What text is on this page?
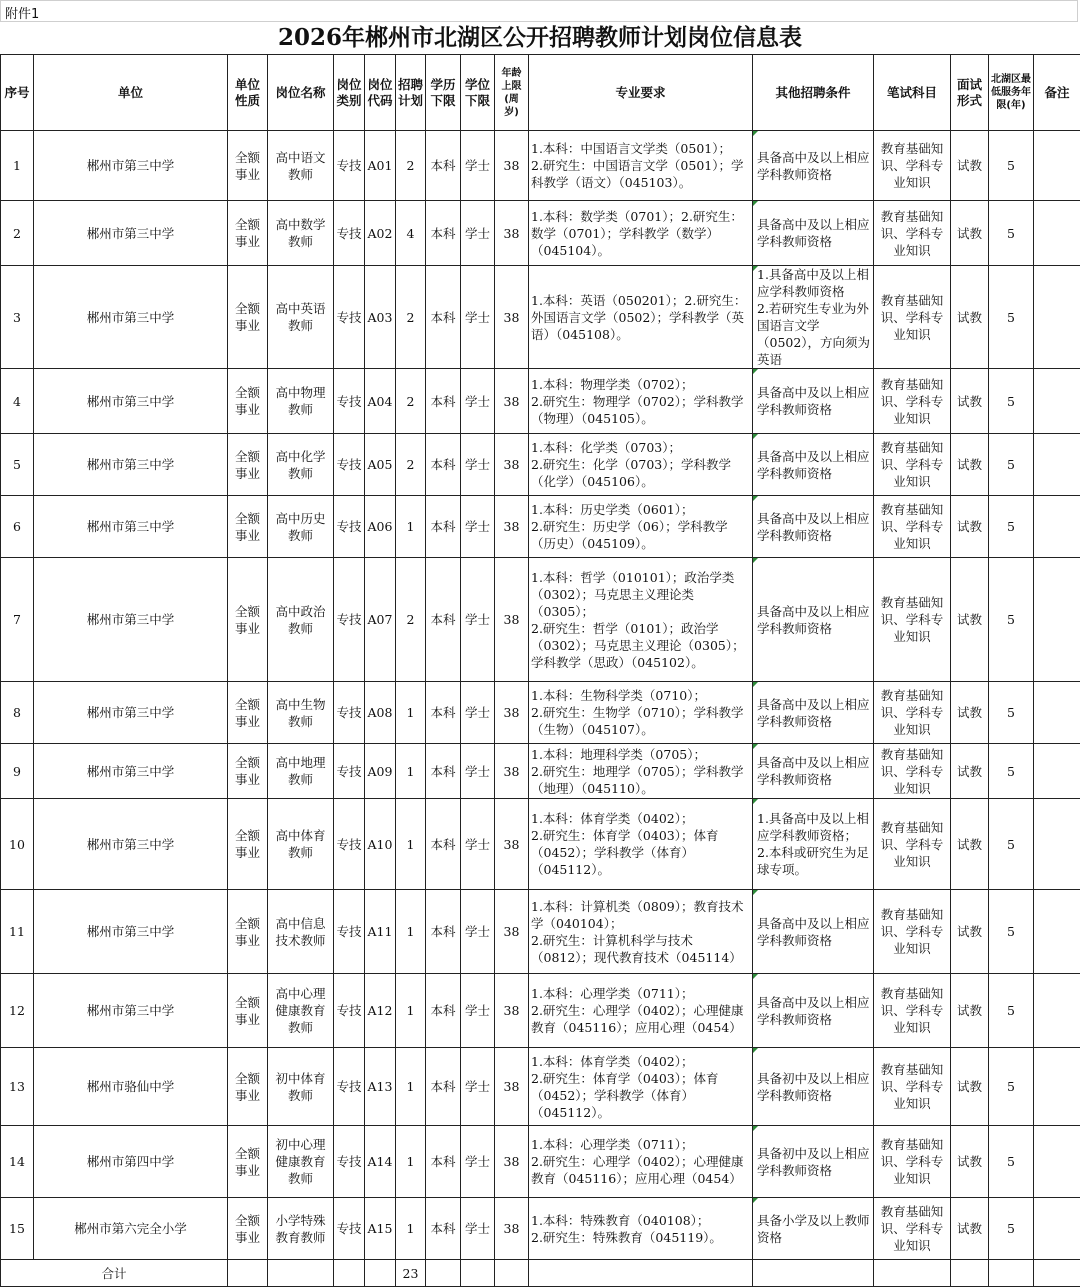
附件1
2026年郴州市北湖区公开招聘教师计划岗位信息表
序号	单位	单位性质	岗位名称	岗位类别	岗位代码	招聘计划	学历下限	学位下限	年龄上限(周岁)	专业要求	其他招聘条件	笔试科目	面试形式	北湖区最低服务年限(年)	备注
1	郴州市第三中学	全额事业	高中语文教师	专技	A01	2	本科	学士	38	1.本科：中国语言文学类（0501）；
2.研究生：中国语言文学（0501）；学科教学（语文）（045103）。	具备高中及以上相应学科教师资格	教育基础知识、学科专业知识	试教	5	
2	郴州市第三中学	全额事业	高中数学教师	专技	A02	4	本科	学士	38	1.本科：数学类（0701）；2.研究生：数学（0701）；学科教学（数学）（045104）。	具备高中及以上相应学科教师资格	教育基础知识、学科专业知识	试教	5	
3	郴州市第三中学	全额事业	高中英语教师	专技	A03	2	本科	学士	38	1.本科：英语（050201）；2.研究生：外国语言文学（0502）；学科教学（英语）（045108）。	1.具备高中及以上相应学科教师资格
2.若研究生专业为外国语言文学（0502），方向须为英语	教育基础知识、学科专业知识	试教	5	
4	郴州市第三中学	全额事业	高中物理教师	专技	A04	2	本科	学士	38	1.本科：物理学类（0702）；
2.研究生：物理学（0702）；学科教学（物理）（045105）。	具备高中及以上相应学科教师资格	教育基础知识、学科专业知识	试教	5	
5	郴州市第三中学	全额事业	高中化学教师	专技	A05	2	本科	学士	38	1.本科：化学类（0703）；
2.研究生：化学（0703）；学科教学（化学）（045106）。	具备高中及以上相应学科教师资格	教育基础知识、学科专业知识	试教	5	
6	郴州市第三中学	全额事业	高中历史教师	专技	A06	1	本科	学士	38	1.本科：历史学类（0601）；
2.研究生：历史学（06）；学科教学（历史）（045109）。	具备高中及以上相应学科教师资格	教育基础知识、学科专业知识	试教	5	
7	郴州市第三中学	全额事业	高中政治教师	专技	A07	2	本科	学士	38	1.本科：哲学（010101）；政治学类（0302）；马克思主义理论类（0305）；
2.研究生：哲学（0101）；政治学（0302）；马克思主义理论（0305）；学科教学（思政）（045102）。	具备高中及以上相应学科教师资格	教育基础知识、学科专业知识	试教	5	
8	郴州市第三中学	全额事业	高中生物教师	专技	A08	1	本科	学士	38	1.本科：生物科学类（0710）；
2.研究生：生物学（0710）；学科教学（生物）（045107）。	具备高中及以上相应学科教师资格	教育基础知识、学科专业知识	试教	5	
9	郴州市第三中学	全额事业	高中地理教师	专技	A09	1	本科	学士	38	1.本科：地理科学类（0705）；
2.研究生：地理学（0705）；学科教学（地理）（045110）。	具备高中及以上相应学科教师资格	教育基础知识、学科专业知识	试教	5	
10	郴州市第三中学	全额事业	高中体育教师	专技	A10	1	本科	学士	38	1.本科：体育学类（0402）；
2.研究生：体育学（0403）；体育（0452）；学科教学（体育）（045112）。	1.具备高中及以上相应学科教师资格；
2.本科或研究生为足球专项。	教育基础知识、学科专业知识	试教	5	
11	郴州市第三中学	全额事业	高中信息技术教师	专技	A11	1	本科	学士	38	1.本科：计算机类（0809）；教育技术学（040104）；
2.研究生：计算机科学与技术（0812）；现代教育技术（045114）	具备高中及以上相应学科教师资格	教育基础知识、学科专业知识	试教	5	
12	郴州市第三中学	全额事业	高中心理健康教育教师	专技	A12	1	本科	学士	38	1.本科：心理学类（0711）；
2.研究生：心理学（0402）；心理健康教育（045116）；应用心理（0454）	具备高中及以上相应学科教师资格	教育基础知识、学科专业知识	试教	5	
13	郴州市骆仙中学	全额事业	初中体育教师	专技	A13	1	本科	学士	38	1.本科：体育学类（0402）；
2.研究生：体育学（0403）；体育（0452）；学科教学（体育）（045112）。	具备初中及以上相应学科教师资格	教育基础知识、学科专业知识	试教	5	
14	郴州市第四中学	全额事业	初中心理健康教育教师	专技	A14	1	本科	学士	38	1.本科：心理学类（0711）；
2.研究生：心理学（0402）；心理健康教育（045116）；应用心理（0454）	具备初中及以上相应学科教师资格	教育基础知识、学科专业知识	试教	5	
15	郴州市第六完全小学	全额事业	小学特殊教育教师	专技	A15	1	本科	学士	38	1.本科：特殊教育（040108）；
2.研究生：特殊教育（045119）。	具备小学及以上教师资格	教育基础知识、学科专业知识	试教	5	
合计						23									
